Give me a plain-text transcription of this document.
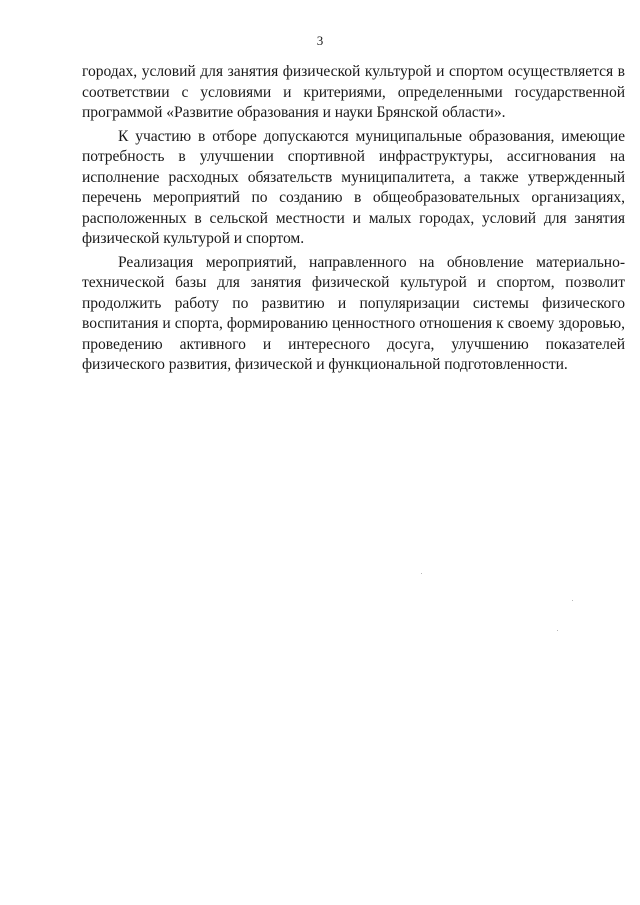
3

городах, условий для занятия физической культурой и спортом осуществляется в соответствии с условиями и критериями, определенными государственной программой «Развитие образования и науки Брянской области».

К участию в отборе допускаются муниципальные образования, имеющие потребность в улучшении спортивной инфраструктуры, ассигнования на исполнение расходных обязательств муниципалитета, а также утвержденный перечень мероприятий по созданию в общеобразовательных организациях, расположенных в сельской местности и малых городах, условий для занятия физической культурой и спортом.

Реализация мероприятий, направленного на обновление материально-технической базы для занятия физической культурой и спортом, позволит продолжить работу по развитию и популяризации системы физического воспитания и спорта, формированию ценностного отношения к своему здоровью, проведению активного и интересного досуга, улучшению показателей физического развития, физической и функциональной подготовленности.
